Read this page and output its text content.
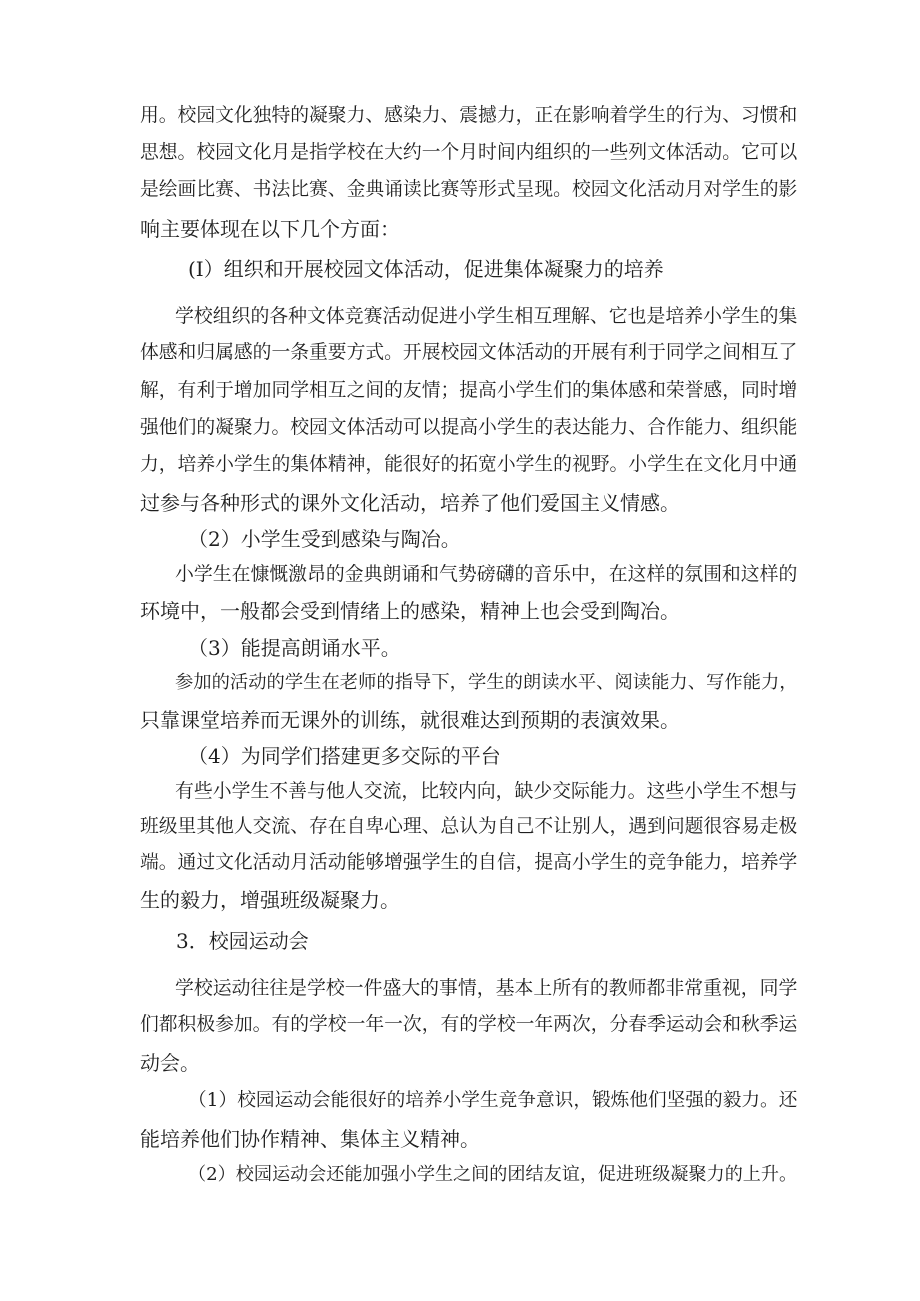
用。校园文化独特的凝聚力、感染力、震撼力，正在影响着学生的行为、习惯和

思想。校园文化月是指学校在大约一个月时间内组织的一些列文体活动。它可以

是绘画比赛、书法比赛、金典诵读比赛等形式呈现。校园文化活动月对学生的影

响主要体现在以下几个方面：

(I）组织和开展校园文体活动，促进集体凝聚力的培养

学校组织的各种文体竞赛活动促进小学生相互理解、它也是培养小学生的集

体感和归属感的一条重要方式。开展校园文体活动的开展有利于同学之间相互了

解，有利于增加同学相互之间的友情；提高小学生们的集体感和荣誉感，同时增

强他们的凝聚力。校园文体活动可以提高小学生的表达能力、合作能力、组织能

力，培养小学生的集体精神，能很好的拓宽小学生的视野。小学生在文化月中通

过参与各种形式的课外文化活动，培养了他们爱国主义情感。

（2）小学生受到感染与陶冶。

小学生在慷慨激昂的金典朗诵和气势磅礴的音乐中，在这样的氛围和这样的

环境中，一般都会受到情绪上的感染，精神上也会受到陶冶。

（3）能提高朗诵水平。

参加的活动的学生在老师的指导下，学生的朗读水平、阅读能力、写作能力，

只靠课堂培养而无课外的训练，就很难达到预期的表演效果。

（4）为同学们搭建更多交际的平台

有些小学生不善与他人交流，比较内向，缺少交际能力。这些小学生不想与

班级里其他人交流、存在自卑心理、总认为自己不让别人，遇到问题很容易走极

端。通过文化活动月活动能够增强学生的自信，提高小学生的竞争能力，培养学

生的毅力，增强班级凝聚力。

3．校园运动会

学校运动往往是学校一件盛大的事情，基本上所有的教师都非常重视，同学

们都积极参加。有的学校一年一次，有的学校一年两次，分春季运动会和秋季运

动会。

（1）校园运动会能很好的培养小学生竞争意识，锻炼他们坚强的毅力。还

能培养他们协作精神、集体主义精神。

（2）校园运动会还能加强小学生之间的团结友谊，促进班级凝聚力的上升。
